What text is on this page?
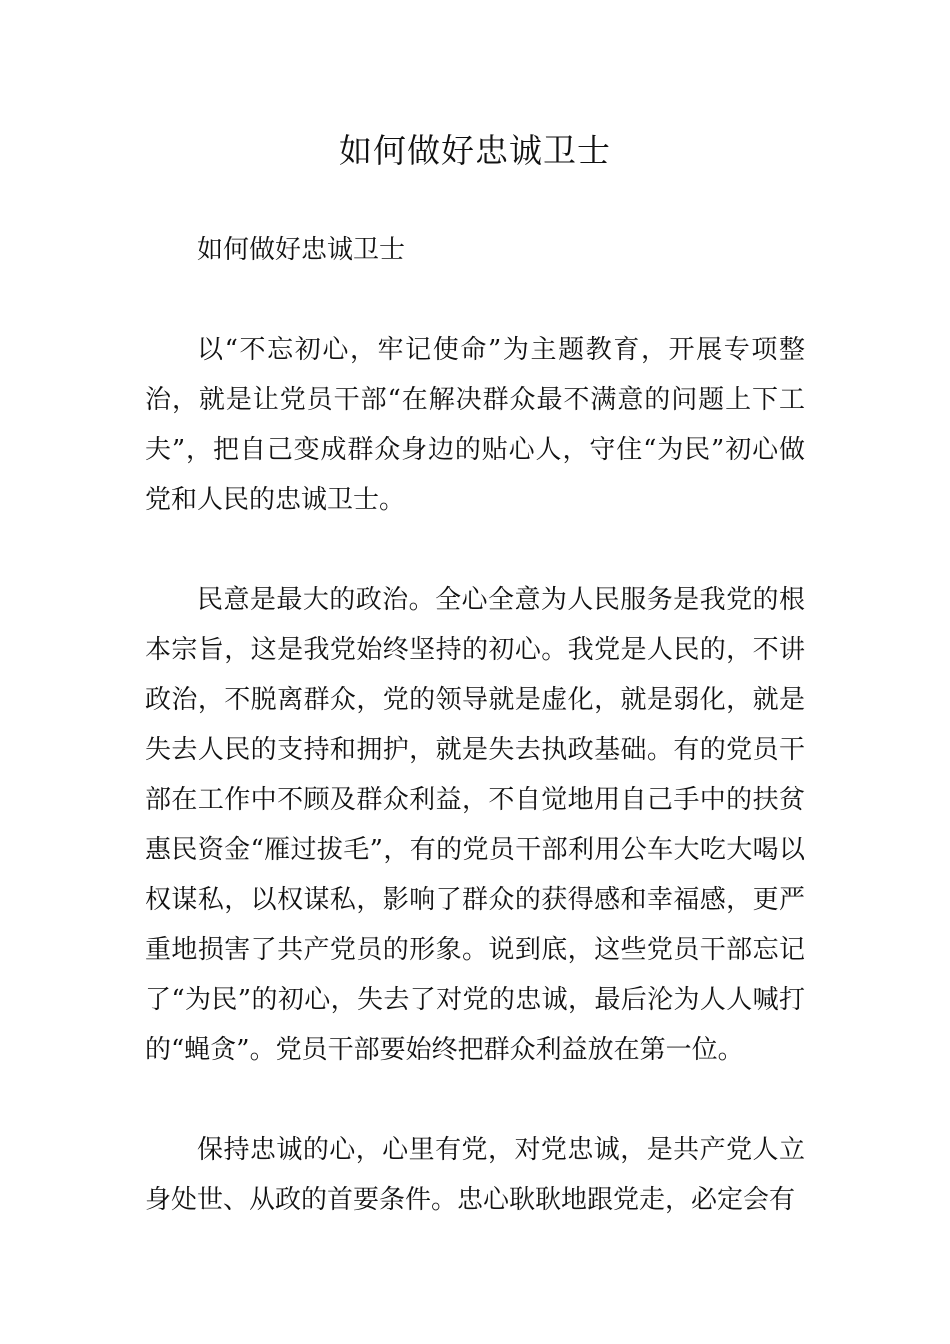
如何做好忠诚卫士

如何做好忠诚卫士

以“不忘初心，牢记使命”为主题教育，开展专项整治，就是让党员干部“在解决群众最不满意的问题上下工夫”，把自己变成群众身边的贴心人，守住“为民”初心做党和人民的忠诚卫士。

民意是最大的政治。全心全意为人民服务是我党的根本宗旨，这是我党始终坚持的初心。我党是人民的，不讲政治，不脱离群众，党的领导就是虚化，就是弱化，就是失去人民的支持和拥护，就是失去执政基础。有的党员干部在工作中不顾及群众利益，不自觉地用自己手中的扶贫惠民资金“雁过拔毛”，有的党员干部利用公车大吃大喝以权谋私，以权谋私，影响了群众的获得感和幸福感，更严重地损害了共产党员的形象。说到底，这些党员干部忘记了“为民”的初心，失去了对党的忠诚，最后沦为人人喊打的“蝇贪”。党员干部要始终把群众利益放在第一位。

保持忠诚的心，心里有党，对党忠诚，是共产党人立身处世、从政的首要条件。忠心耿耿地跟党走，必定会有
